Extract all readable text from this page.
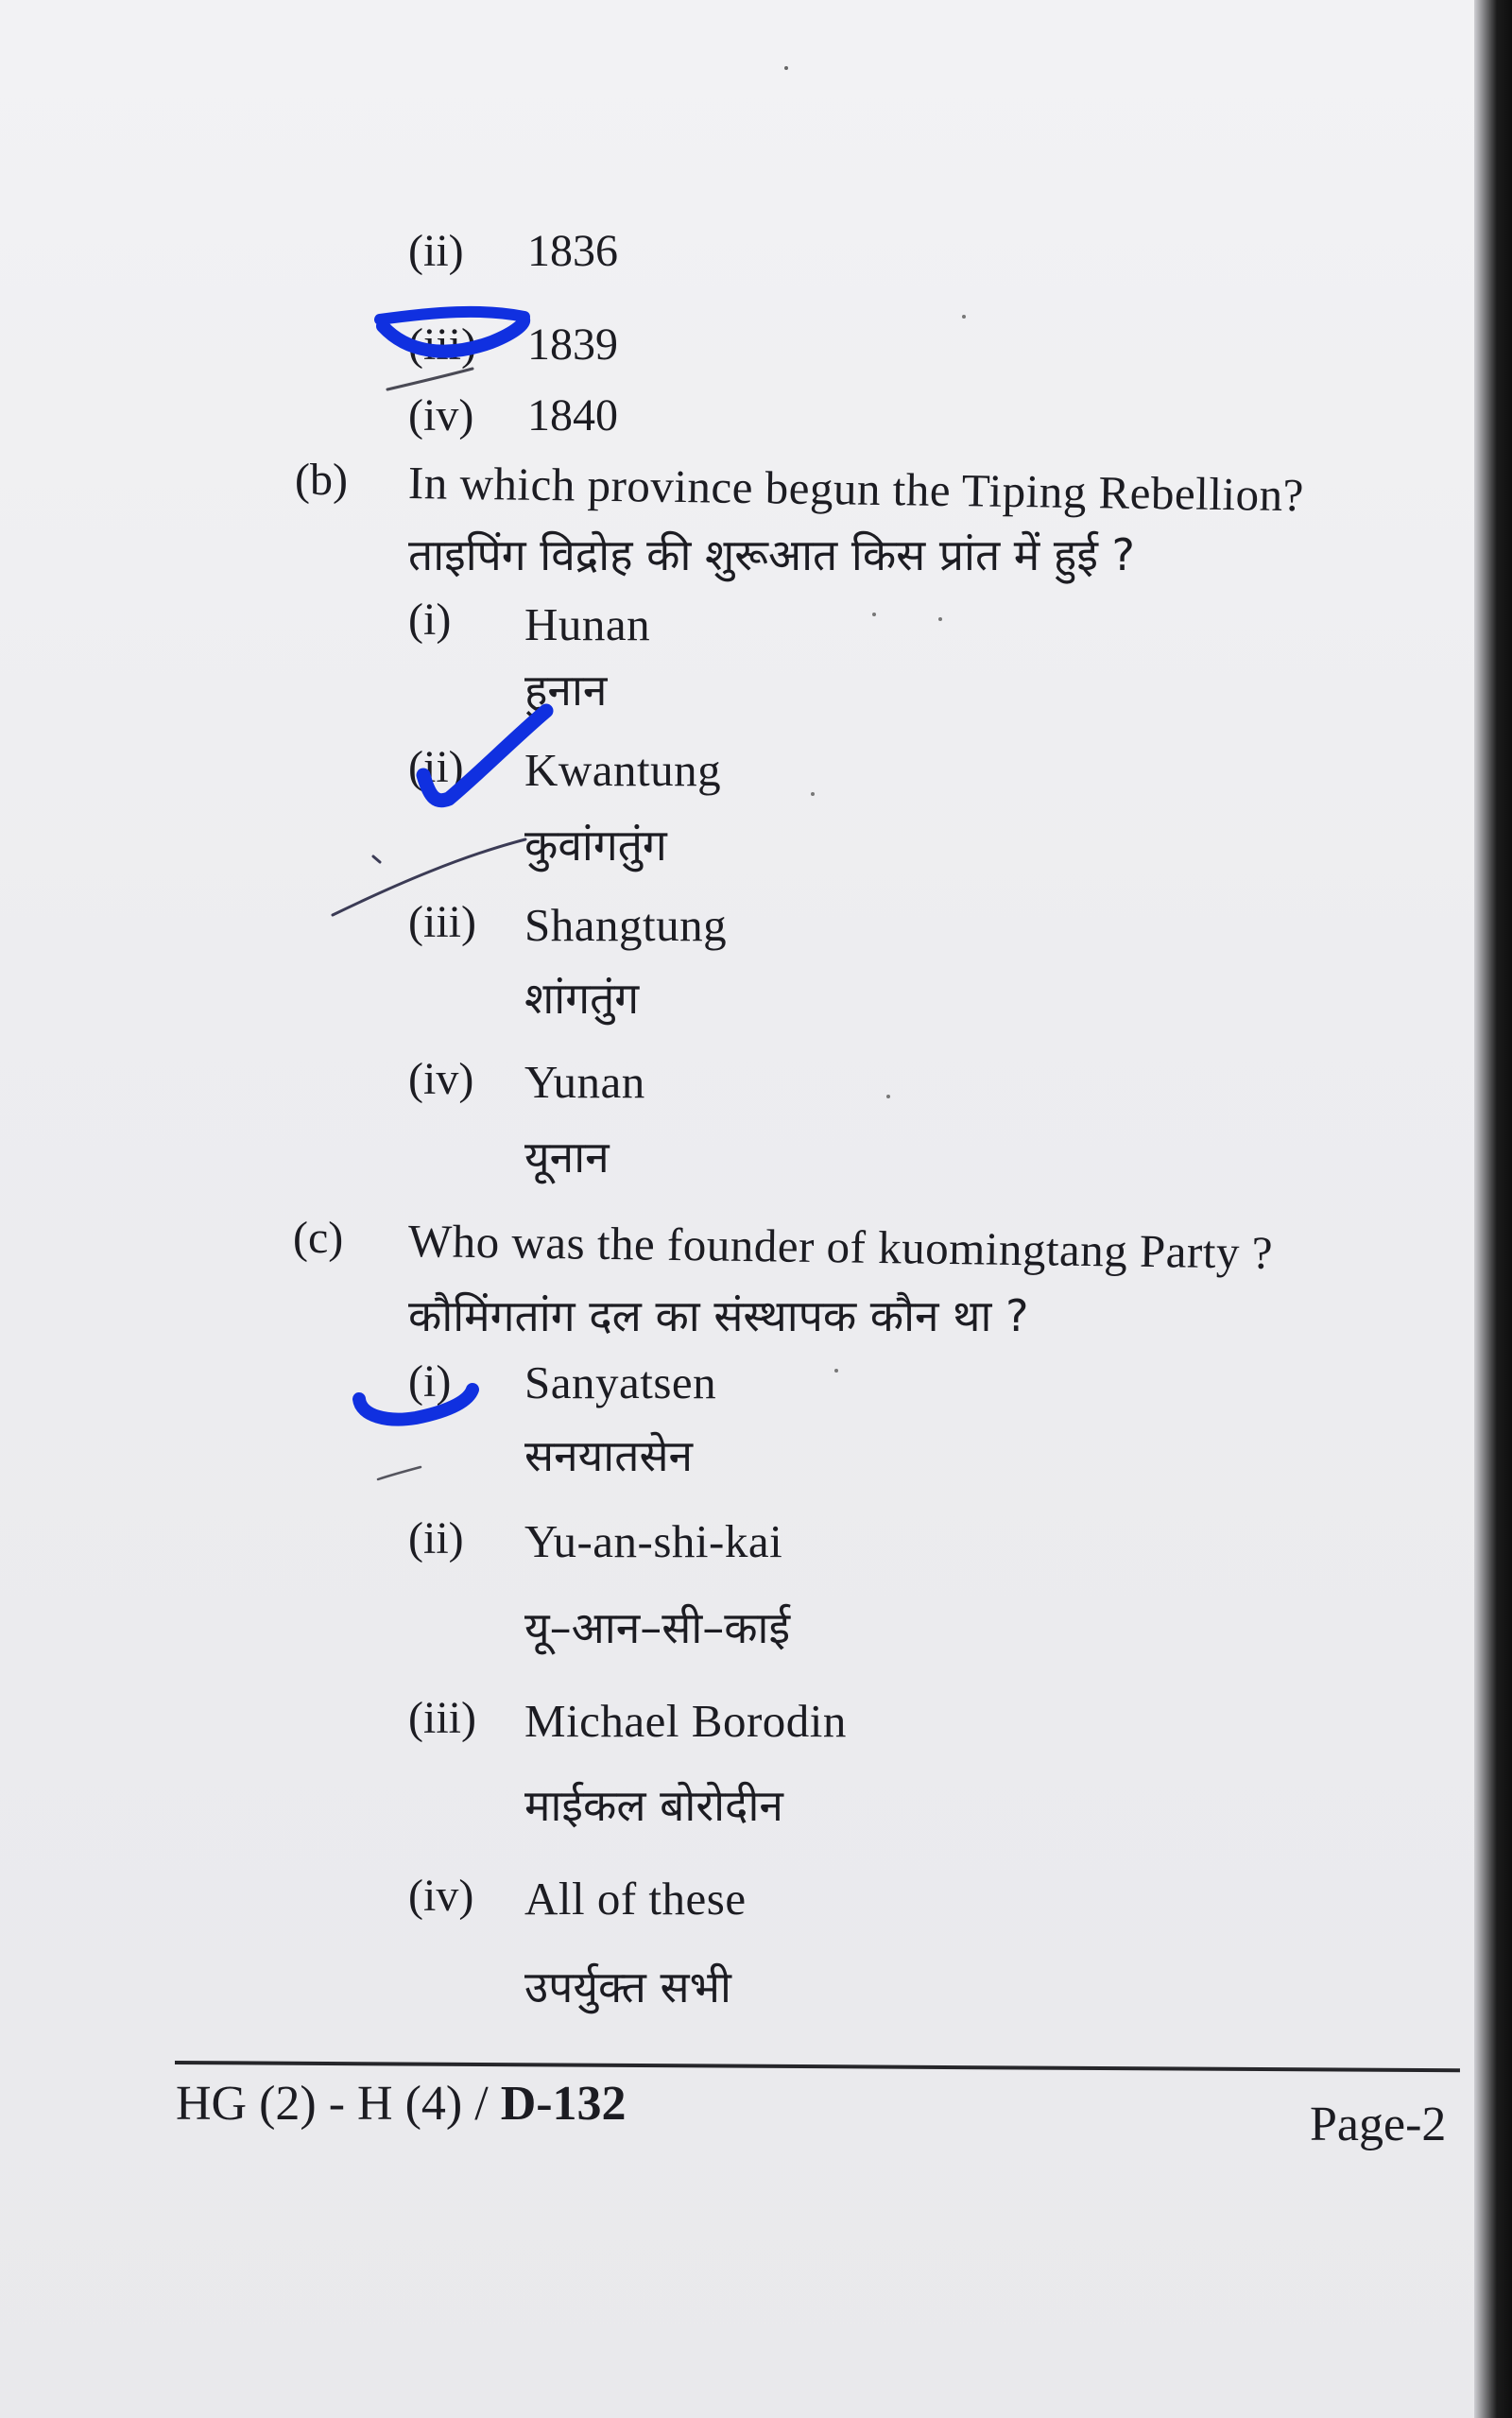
(ii) 1836
(iii) 1839
(iv) 1840
(b) In which province begun the Tiping Rebellion?
ताइपिंग विद्रोह की शुरूआत किस प्रांत में हुई ?
(i) Hunan
हुनान
(ii) Kwantung
कुवांगतुंग
(iii) Shangtung
शांगतुंग
(iv) Yunan
यूनान
(c) Who was the founder of kuomingtang Party ?
कौमिंगतांग दल का संस्थापक कौन था ?
(i) Sanyatsen
सनयातसेन
(ii) Yu-an-shi-kai
यू–आन–सी–काई
(iii) Michael Borodin
माईकल बोरोदीन
(iv) All of these
उपर्युक्त सभी
HG (2) - H (4) / D-132	Page-2
